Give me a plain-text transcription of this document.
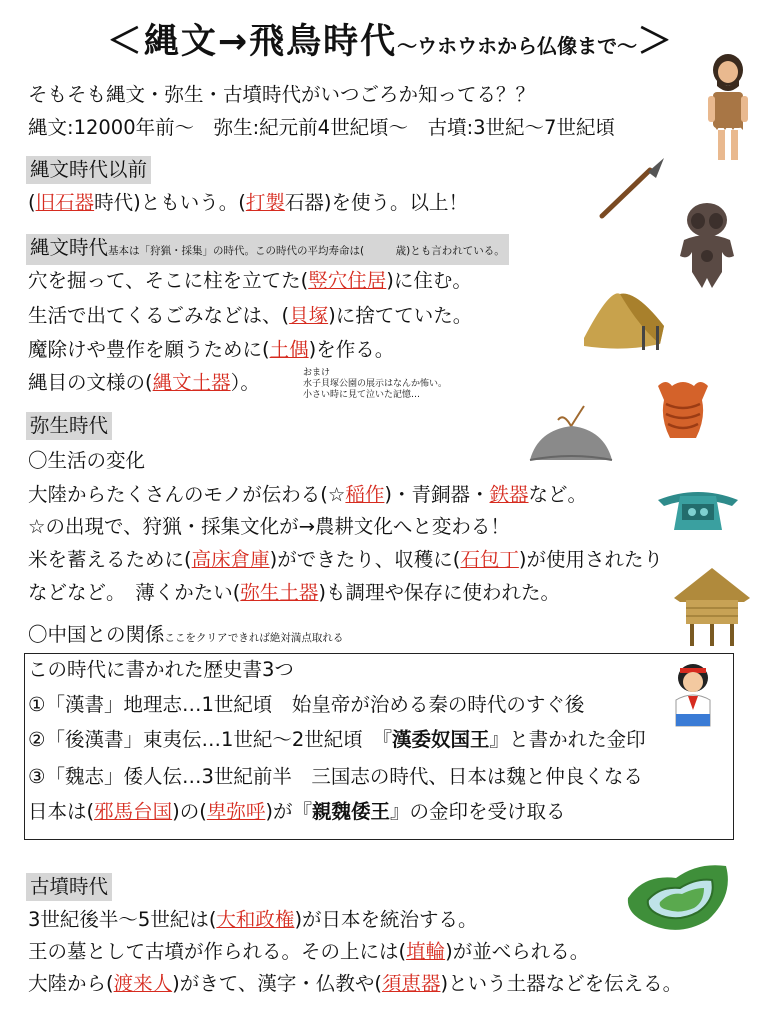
＜縄文→飛鳥時代～ウホウホから仏像まで～＞
そもそも縄文・弥生・古墳時代がいつごろか知ってる？？
縄文:12000年前～　弥生:紀元前4世紀頃～　古墳:3世紀～7世紀頃
縄文時代以前
(旧石器時代)ともいう。(打製石器)を使う。以上！
縄文時代基本は「狩猟・採集」の時代。この時代の平均寿命は(　　　歳)とも言われている。
穴を掘って、そこに柱を立てた(竪穴住居)に住む。
生活で出てくるごみなどは、(貝塚)に捨てていた。
魔除けや豊作を願うために(土偶)を作る。
縄目の文様の(縄文土器）。	おまけ
水子貝塚公園の展示はなんか怖い。
小さい時に見て泣いた記憶…
弥生時代
〇生活の変化
大陸からたくさんのモノが伝わる(☆稲作)・青銅器・鉄器など。
☆の出現で、狩猟・採集文化が→農耕文化へと変わる！
米を蓄えるために(高床倉庫)ができたり、収穫に(石包丁)が使用されたり
などなど。　薄くかたい(弥生土器)も調理や保存に使われた。
〇中国との関係ここをクリアできれば絶対満点取れる
この時代に書かれた歴史書3つ
①「漢書」地理志…1世紀頃　始皇帝が治める秦の時代のすぐ後
②「後漢書」東夷伝…1世紀～2世紀頃　『漢委奴国王』と書かれた金印
③「魏志」倭人伝…3世紀前半　三国志の時代、日本は魏と仲良くなる
日本は(邪馬台国)の(卑弥呼)が『親魏倭王』の金印を受け取る
古墳時代
3世紀後半～5世紀は(大和政権)が日本を統治する。
王の墓として古墳が作られる。その上には(埴輪)が並べられる。
大陸から(渡来人)がきて、漢字・仏教や(須恵器)という土器などを伝える。
